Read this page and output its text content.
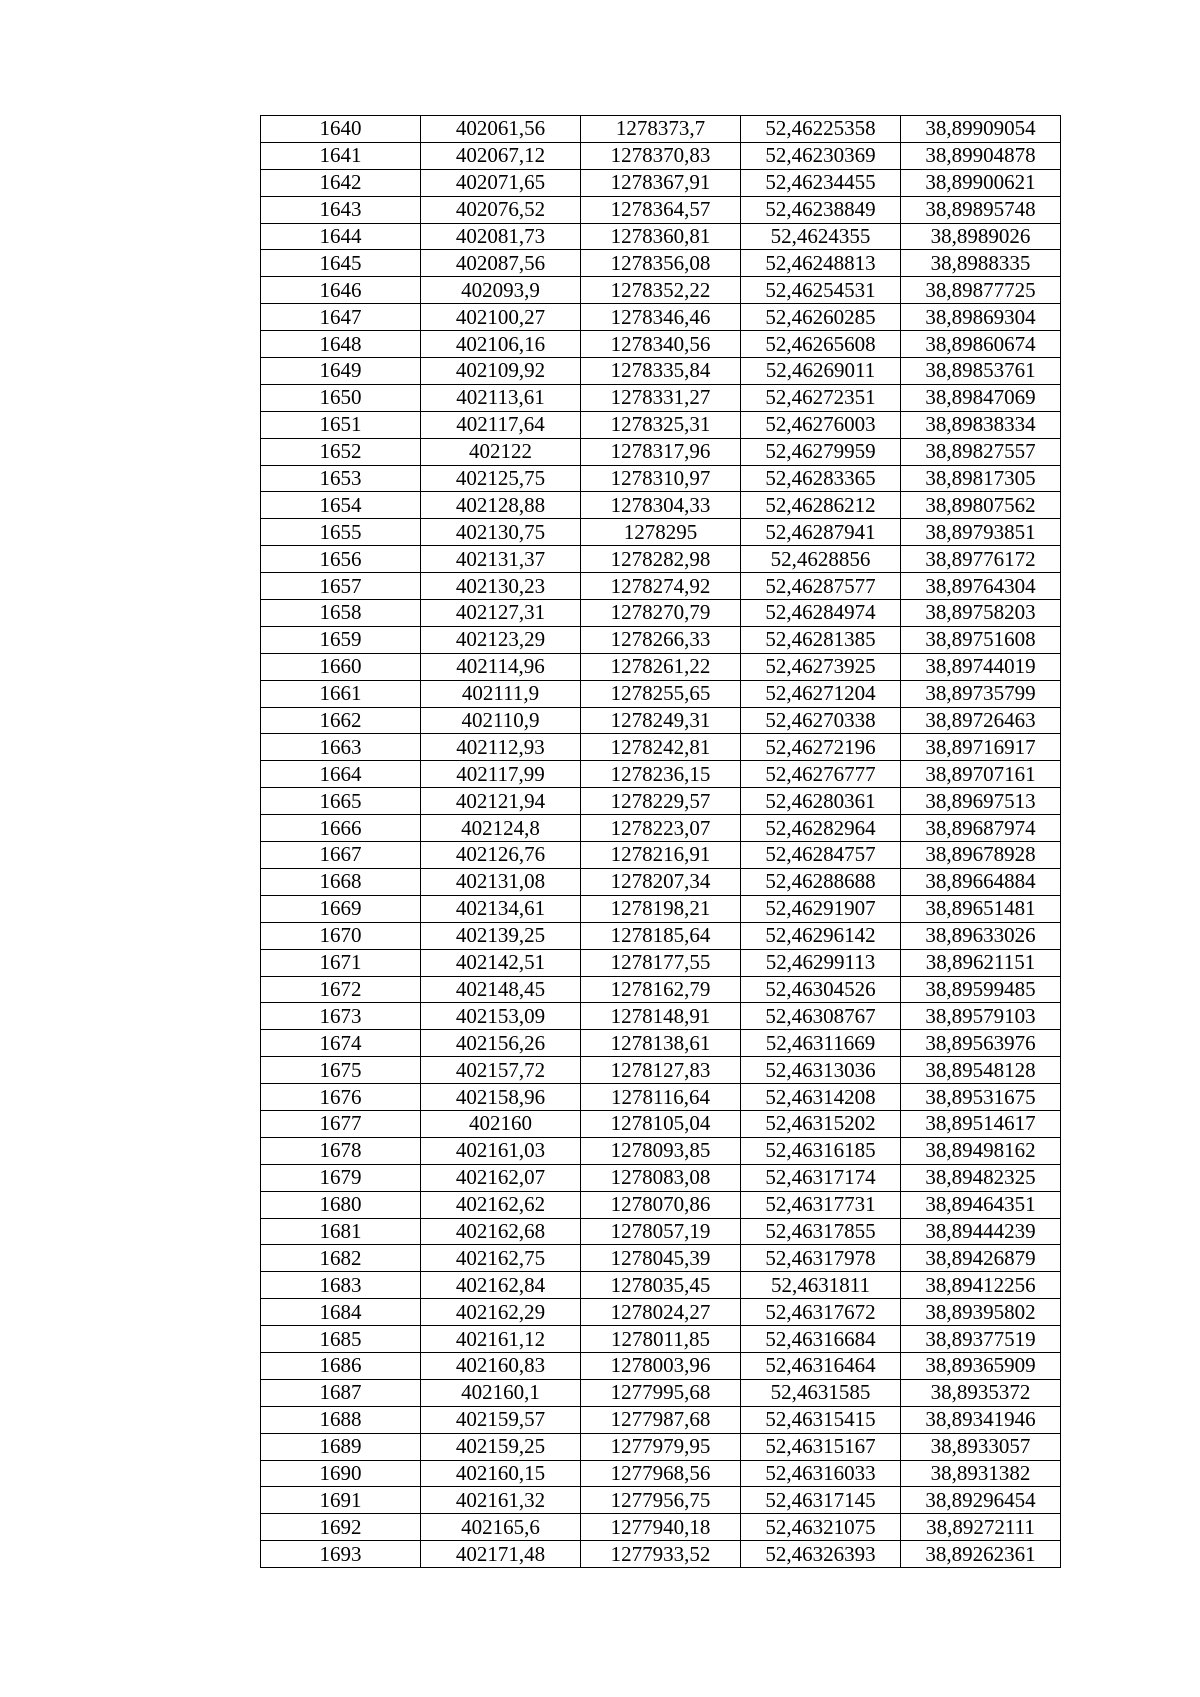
1640	402061,56	1278373,7	52,46225358	38,89909054
1641	402067,12	1278370,83	52,46230369	38,89904878
1642	402071,65	1278367,91	52,46234455	38,89900621
1643	402076,52	1278364,57	52,46238849	38,89895748
1644	402081,73	1278360,81	52,4624355	38,8989026
1645	402087,56	1278356,08	52,46248813	38,8988335
1646	402093,9	1278352,22	52,46254531	38,89877725
1647	402100,27	1278346,46	52,46260285	38,89869304
1648	402106,16	1278340,56	52,46265608	38,89860674
1649	402109,92	1278335,84	52,46269011	38,89853761
1650	402113,61	1278331,27	52,46272351	38,89847069
1651	402117,64	1278325,31	52,46276003	38,89838334
1652	402122	1278317,96	52,46279959	38,89827557
1653	402125,75	1278310,97	52,46283365	38,89817305
1654	402128,88	1278304,33	52,46286212	38,89807562
1655	402130,75	1278295	52,46287941	38,89793851
1656	402131,37	1278282,98	52,4628856	38,89776172
1657	402130,23	1278274,92	52,46287577	38,89764304
1658	402127,31	1278270,79	52,46284974	38,89758203
1659	402123,29	1278266,33	52,46281385	38,89751608
1660	402114,96	1278261,22	52,46273925	38,89744019
1661	402111,9	1278255,65	52,46271204	38,89735799
1662	402110,9	1278249,31	52,46270338	38,89726463
1663	402112,93	1278242,81	52,46272196	38,89716917
1664	402117,99	1278236,15	52,46276777	38,89707161
1665	402121,94	1278229,57	52,46280361	38,89697513
1666	402124,8	1278223,07	52,46282964	38,89687974
1667	402126,76	1278216,91	52,46284757	38,89678928
1668	402131,08	1278207,34	52,46288688	38,89664884
1669	402134,61	1278198,21	52,46291907	38,89651481
1670	402139,25	1278185,64	52,46296142	38,89633026
1671	402142,51	1278177,55	52,46299113	38,89621151
1672	402148,45	1278162,79	52,46304526	38,89599485
1673	402153,09	1278148,91	52,46308767	38,89579103
1674	402156,26	1278138,61	52,46311669	38,89563976
1675	402157,72	1278127,83	52,46313036	38,89548128
1676	402158,96	1278116,64	52,46314208	38,89531675
1677	402160	1278105,04	52,46315202	38,89514617
1678	402161,03	1278093,85	52,46316185	38,89498162
1679	402162,07	1278083,08	52,46317174	38,89482325
1680	402162,62	1278070,86	52,46317731	38,89464351
1681	402162,68	1278057,19	52,46317855	38,89444239
1682	402162,75	1278045,39	52,46317978	38,89426879
1683	402162,84	1278035,45	52,4631811	38,89412256
1684	402162,29	1278024,27	52,46317672	38,89395802
1685	402161,12	1278011,85	52,46316684	38,89377519
1686	402160,83	1278003,96	52,46316464	38,89365909
1687	402160,1	1277995,68	52,4631585	38,8935372
1688	402159,57	1277987,68	52,46315415	38,89341946
1689	402159,25	1277979,95	52,46315167	38,8933057
1690	402160,15	1277968,56	52,46316033	38,8931382
1691	402161,32	1277956,75	52,46317145	38,89296454
1692	402165,6	1277940,18	52,46321075	38,89272111
1693	402171,48	1277933,52	52,46326393	38,89262361
